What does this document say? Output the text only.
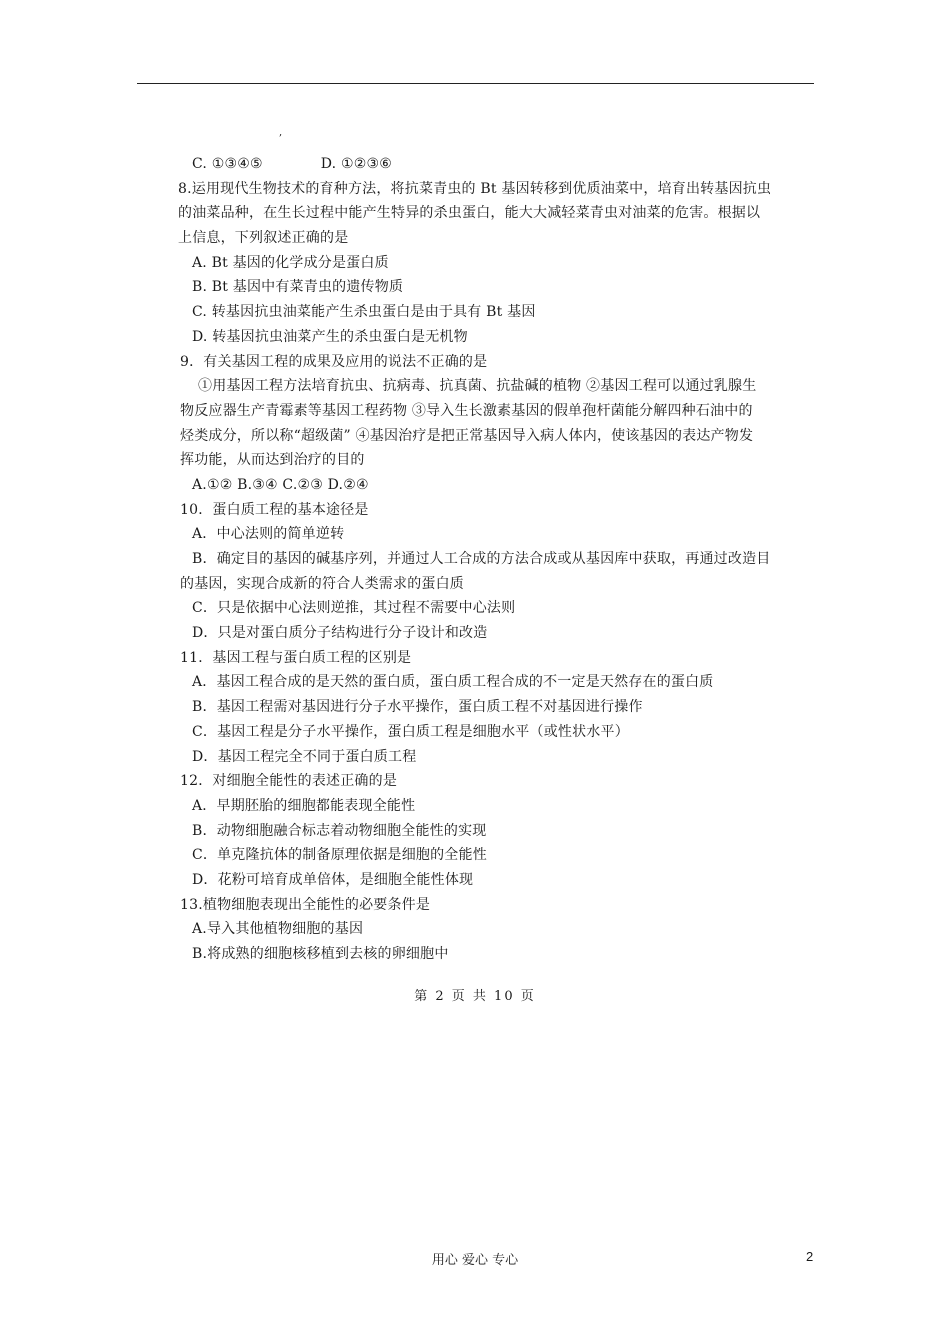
,
C. ①③④⑤	D. ①②③⑥
8.运用现代生物技术的育种方法，将抗菜青虫的 Bt 基因转移到优质油菜中，培育出转基因抗虫
的油菜品种，在生长过程中能产生特异的杀虫蛋白，能大大减轻菜青虫对油菜的危害。根据以
上信息，下列叙述正确的是
A. Bt 基因的化学成分是蛋白质
B. Bt 基因中有菜青虫的遗传物质
C. 转基因抗虫油菜能产生杀虫蛋白是由于具有 Bt 基因
D. 转基因抗虫油菜产生的杀虫蛋白是无机物
9．有关基因工程的成果及应用的说法不正确的是
①用基因工程方法培育抗虫、抗病毒、抗真菌、抗盐碱的植物 ②基因工程可以通过乳腺生
物反应器生产青霉素等基因工程药物 ③导入生长激素基因的假单孢杆菌能分解四种石油中的
烃类成分，所以称“超级菌” ④基因治疗是把正常基因导入病人体内，使该基因的表达产物发
挥功能，从而达到治疗的目的
A.①② B.③④ C.②③ D.②④
10．蛋白质工程的基本途径是
A．中心法则的简单逆转
B．确定目的基因的碱基序列，并通过人工合成的方法合成或从基因库中获取，再通过改造目
的基因，实现合成新的符合人类需求的蛋白质
C．只是依据中心法则逆推，其过程不需要中心法则
D．只是对蛋白质分子结构进行分子设计和改造
11．基因工程与蛋白质工程的区别是
A．基因工程合成的是天然的蛋白质，蛋白质工程合成的不一定是天然存在的蛋白质
B．基因工程需对基因进行分子水平操作，蛋白质工程不对基因进行操作
C．基因工程是分子水平操作，蛋白质工程是细胞水平（或性状水平）
D．基因工程完全不同于蛋白质工程
12．对细胞全能性的表述正确的是
A．早期胚胎的细胞都能表现全能性
B．动物细胞融合标志着动物细胞全能性的实现
C．单克隆抗体的制备原理依据是细胞的全能性
D．花粉可培育成单倍体，是细胞全能性体现
13.植物细胞表现出全能性的必要条件是
A.导入其他植物细胞的基因
B.将成熟的细胞核移植到去核的卵细胞中
第 2 页 共 10 页
用心 爱心 专心	2
